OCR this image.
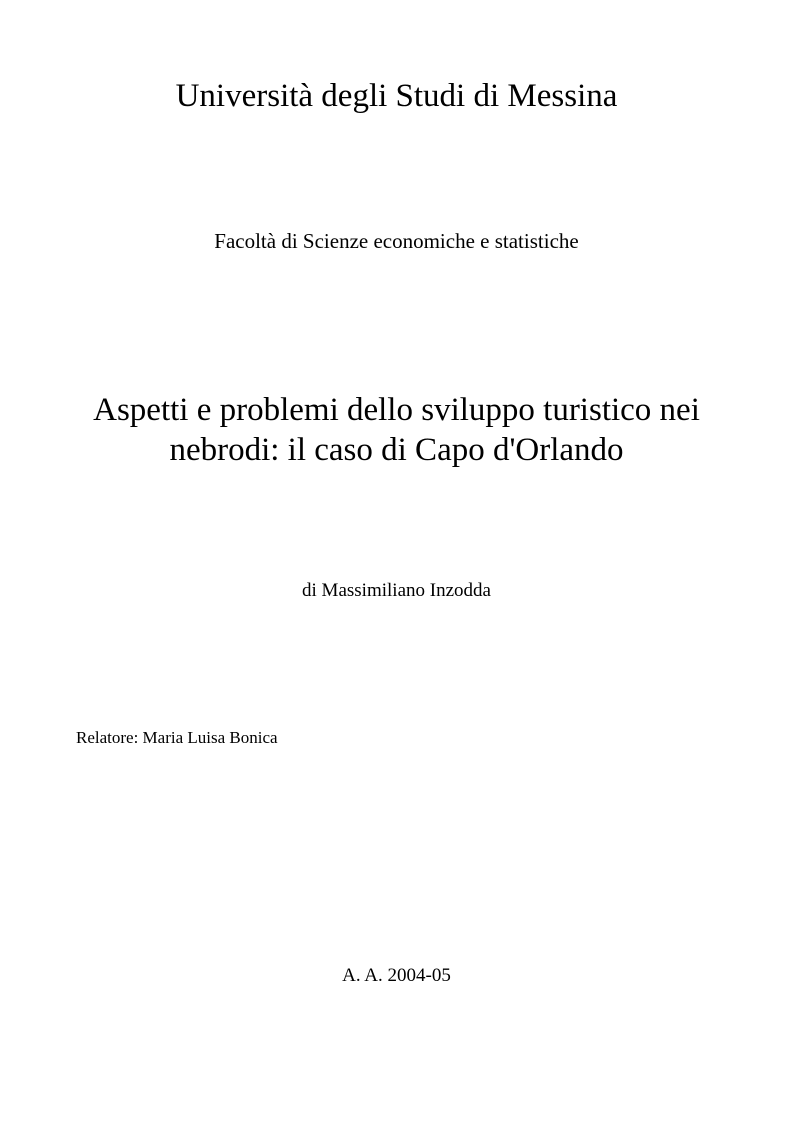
Università degli Studi di Messina
Facoltà di Scienze economiche e statistiche
Aspetti e problemi dello sviluppo turistico nei
nebrodi: il caso di Capo d'Orlando
di Massimiliano Inzodda
Relatore: Maria Luisa Bonica
A. A. 2004-05
